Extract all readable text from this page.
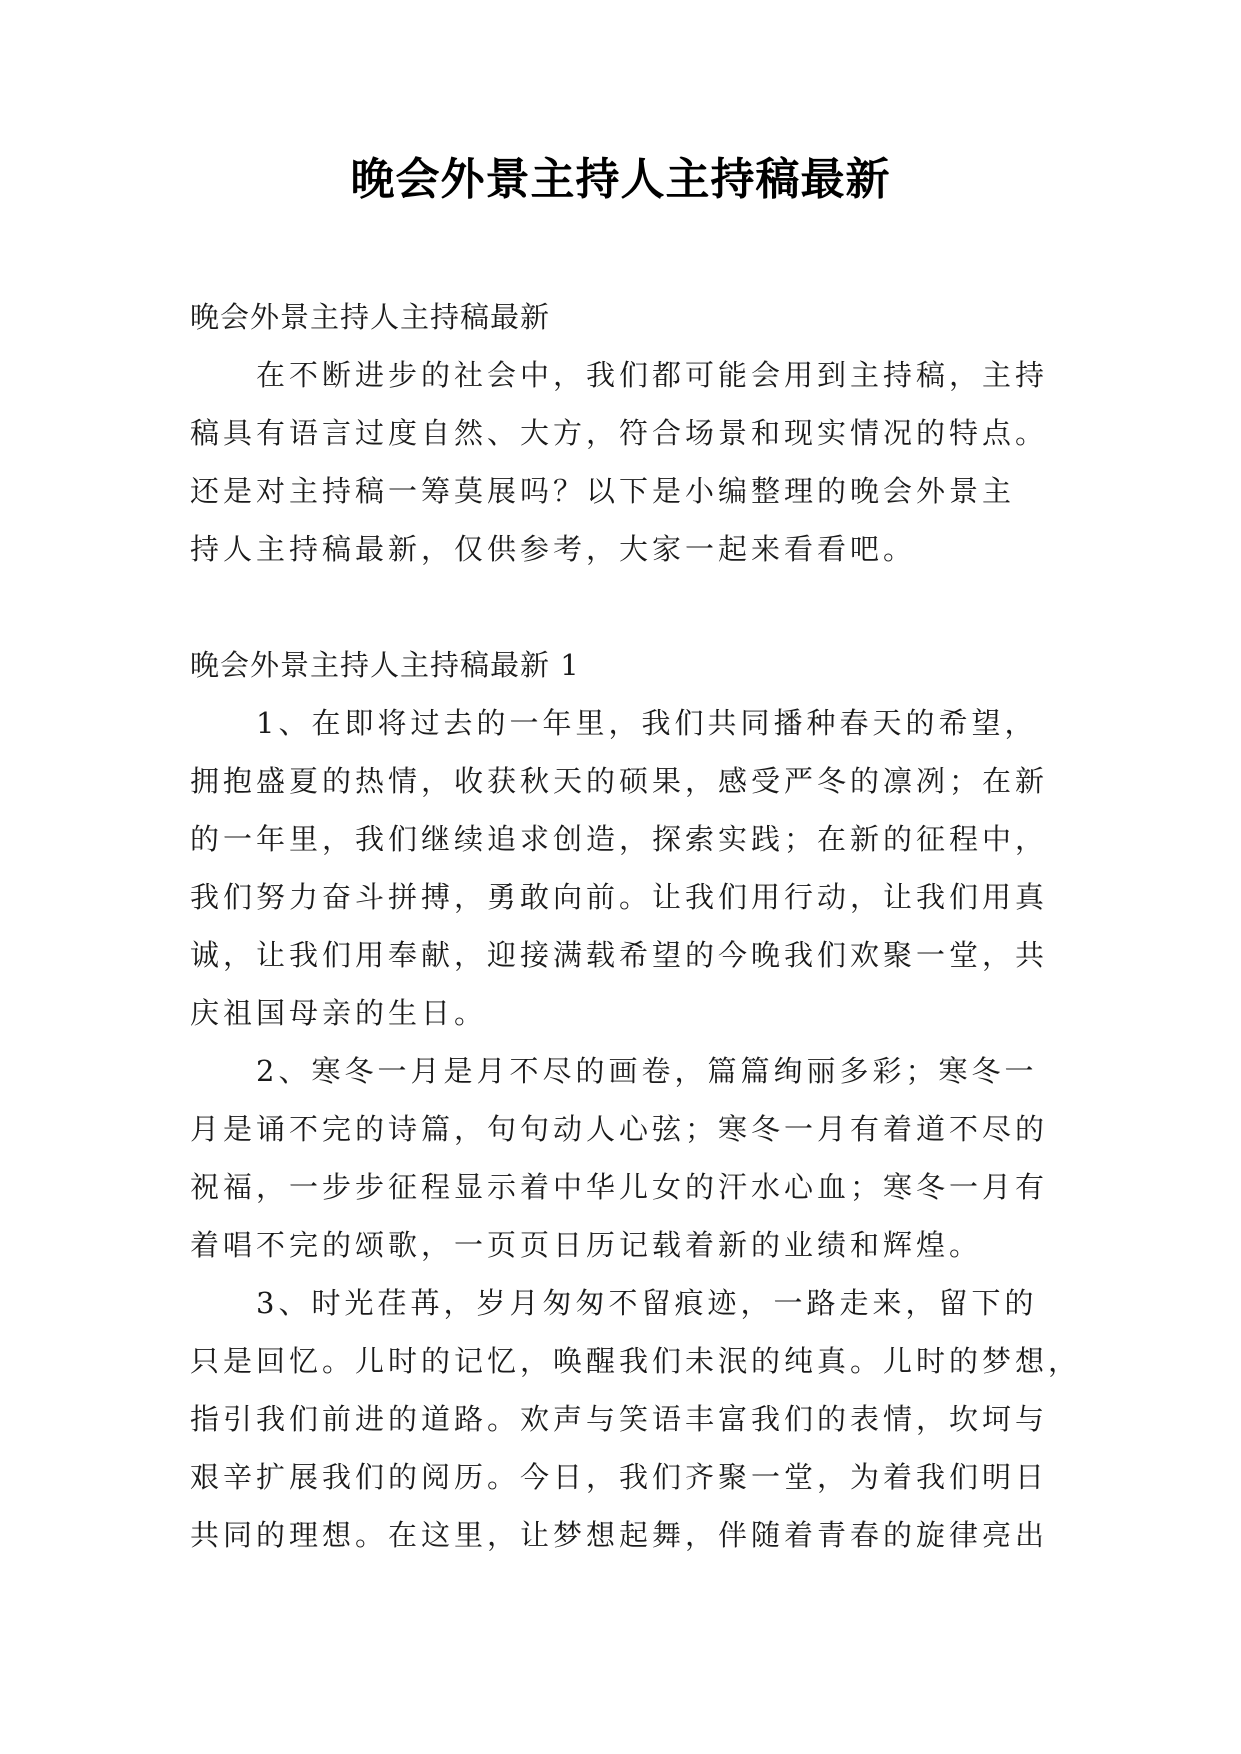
晚会外景主持人主持稿最新
晚会外景主持人主持稿最新
在不断进步的社会中，我们都可能会用到主持稿，主持
稿具有语言过度自然、大方，符合场景和现实情况的特点。
还是对主持稿一筹莫展吗？以下是小编整理的晚会外景主
持人主持稿最新，仅供参考，大家一起来看看吧。
晚会外景主持人主持稿最新 1
1、在即将过去的一年里，我们共同播种春天的希望，
拥抱盛夏的热情，收获秋天的硕果，感受严冬的凛冽；在新
的一年里，我们继续追求创造，探索实践；在新的征程中，
我们努力奋斗拼搏，勇敢向前。让我们用行动，让我们用真
诚，让我们用奉献，迎接满载希望的今晚我们欢聚一堂，共
庆祖国母亲的生日。
2、寒冬一月是月不尽的画卷，篇篇绚丽多彩；寒冬一
月是诵不完的诗篇，句句动人心弦；寒冬一月有着道不尽的
祝福，一步步征程显示着中华儿女的汗水心血；寒冬一月有
着唱不完的颂歌，一页页日历记载着新的业绩和辉煌。
3、时光荏苒，岁月匆匆不留痕迹，一路走来，留下的
只是回忆。儿时的记忆，唤醒我们未泯的纯真。儿时的梦想，
指引我们前进的道路。欢声与笑语丰富我们的表情，坎坷与
艰辛扩展我们的阅历。今日，我们齐聚一堂，为着我们明日
共同的理想。在这里，让梦想起舞，伴随着青春的旋律亮出
